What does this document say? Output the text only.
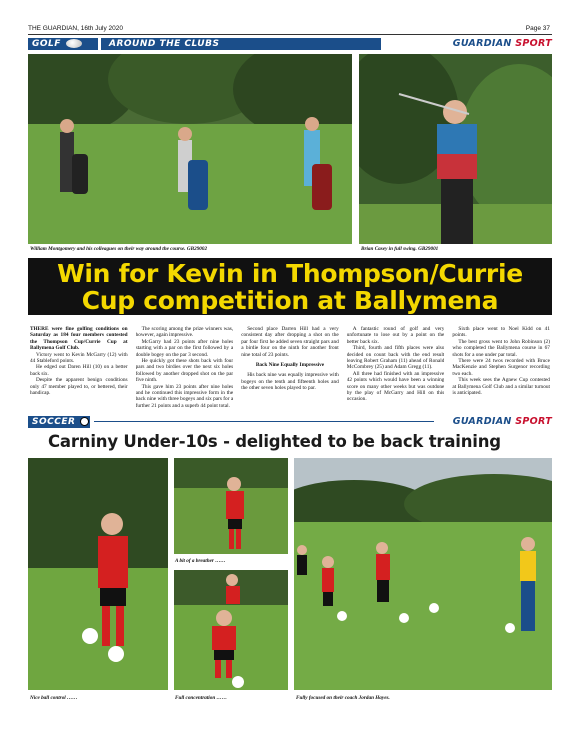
THE GUARDIAN, 16th July 2020	Page 37
GOLF	AROUND THE CLUBS	GUARDIAN SPORT
William Montgomery and his colleagues on their way around the course. GB29002	Brian Casey in full swing. GB29001
Win for Kevin in Thompson/Currie
Cup competition at Ballymena

THERE were fine golfing conditions on Saturday as 184 four members contested the Thompson Cup/Currie Cup at Ballymena Golf Club.

Victory went to Kevin McGarry (12) with 44 Stableford points.

He edged out Daren Hill (10) on a better back six.

Despite the apparent benign conditions only 47 member played to, or bettered, their handicap.

The scoring among the prize winners was, however, again impressive.

McGarry had 23 points after nine holes starting with a par on the first followed by a double bogey on the par 3 second.

He quickly got these shots back with four pars and two birdies over the next six holes followed by another dropped shot on the par five ninth.

This gave him 23 points after nine holes and he continued this impressive form in the back nine with three bogeys and six pars for a further 21 points and a superb 44 point total.

Second place Darren Hill had a very consistent day after dropping a shot on the par four first he added seven straight pars and a birdie four on the ninth for another front nine total of 23 points.

Back Nine Equally Impressive

His back nine was equally impressive with bogeys on the tenth and fifteenth holes and the other seven holes played to par.

A fantastic round of golf and very unfortunate to lose out by a point on the better back six.

Third, fourth and fifth places were also decided on count back with the end result leaving Robert Graham (11) ahead of Ronald McCombrey (25) and Adam Gregg (11).

All three had finished with an impressive 42 points which would have been a winning score on many other weeks but was outdone by the play of McGarry and Hill on this occasion.

Sixth place went to Noel Kidd on 41 points.

The best gross went to John Robinson (2) who completed the Ballymena course in 67 shots for a one under par total.

There were 24 twos recorded with Bruce MacKenzie and Stephen Surgenor recording two each.

This week sees the Agnew Cup contested at Ballymena Golf Club and a similar turnout is anticipated.

SOCCER	GUARDIAN SPORT
Carniny Under-10s - delighted to be back training
Nice ball control ……
A bit of a breather ……
Full concentration ……	Fully focused on their coach Jordan Hayes.
